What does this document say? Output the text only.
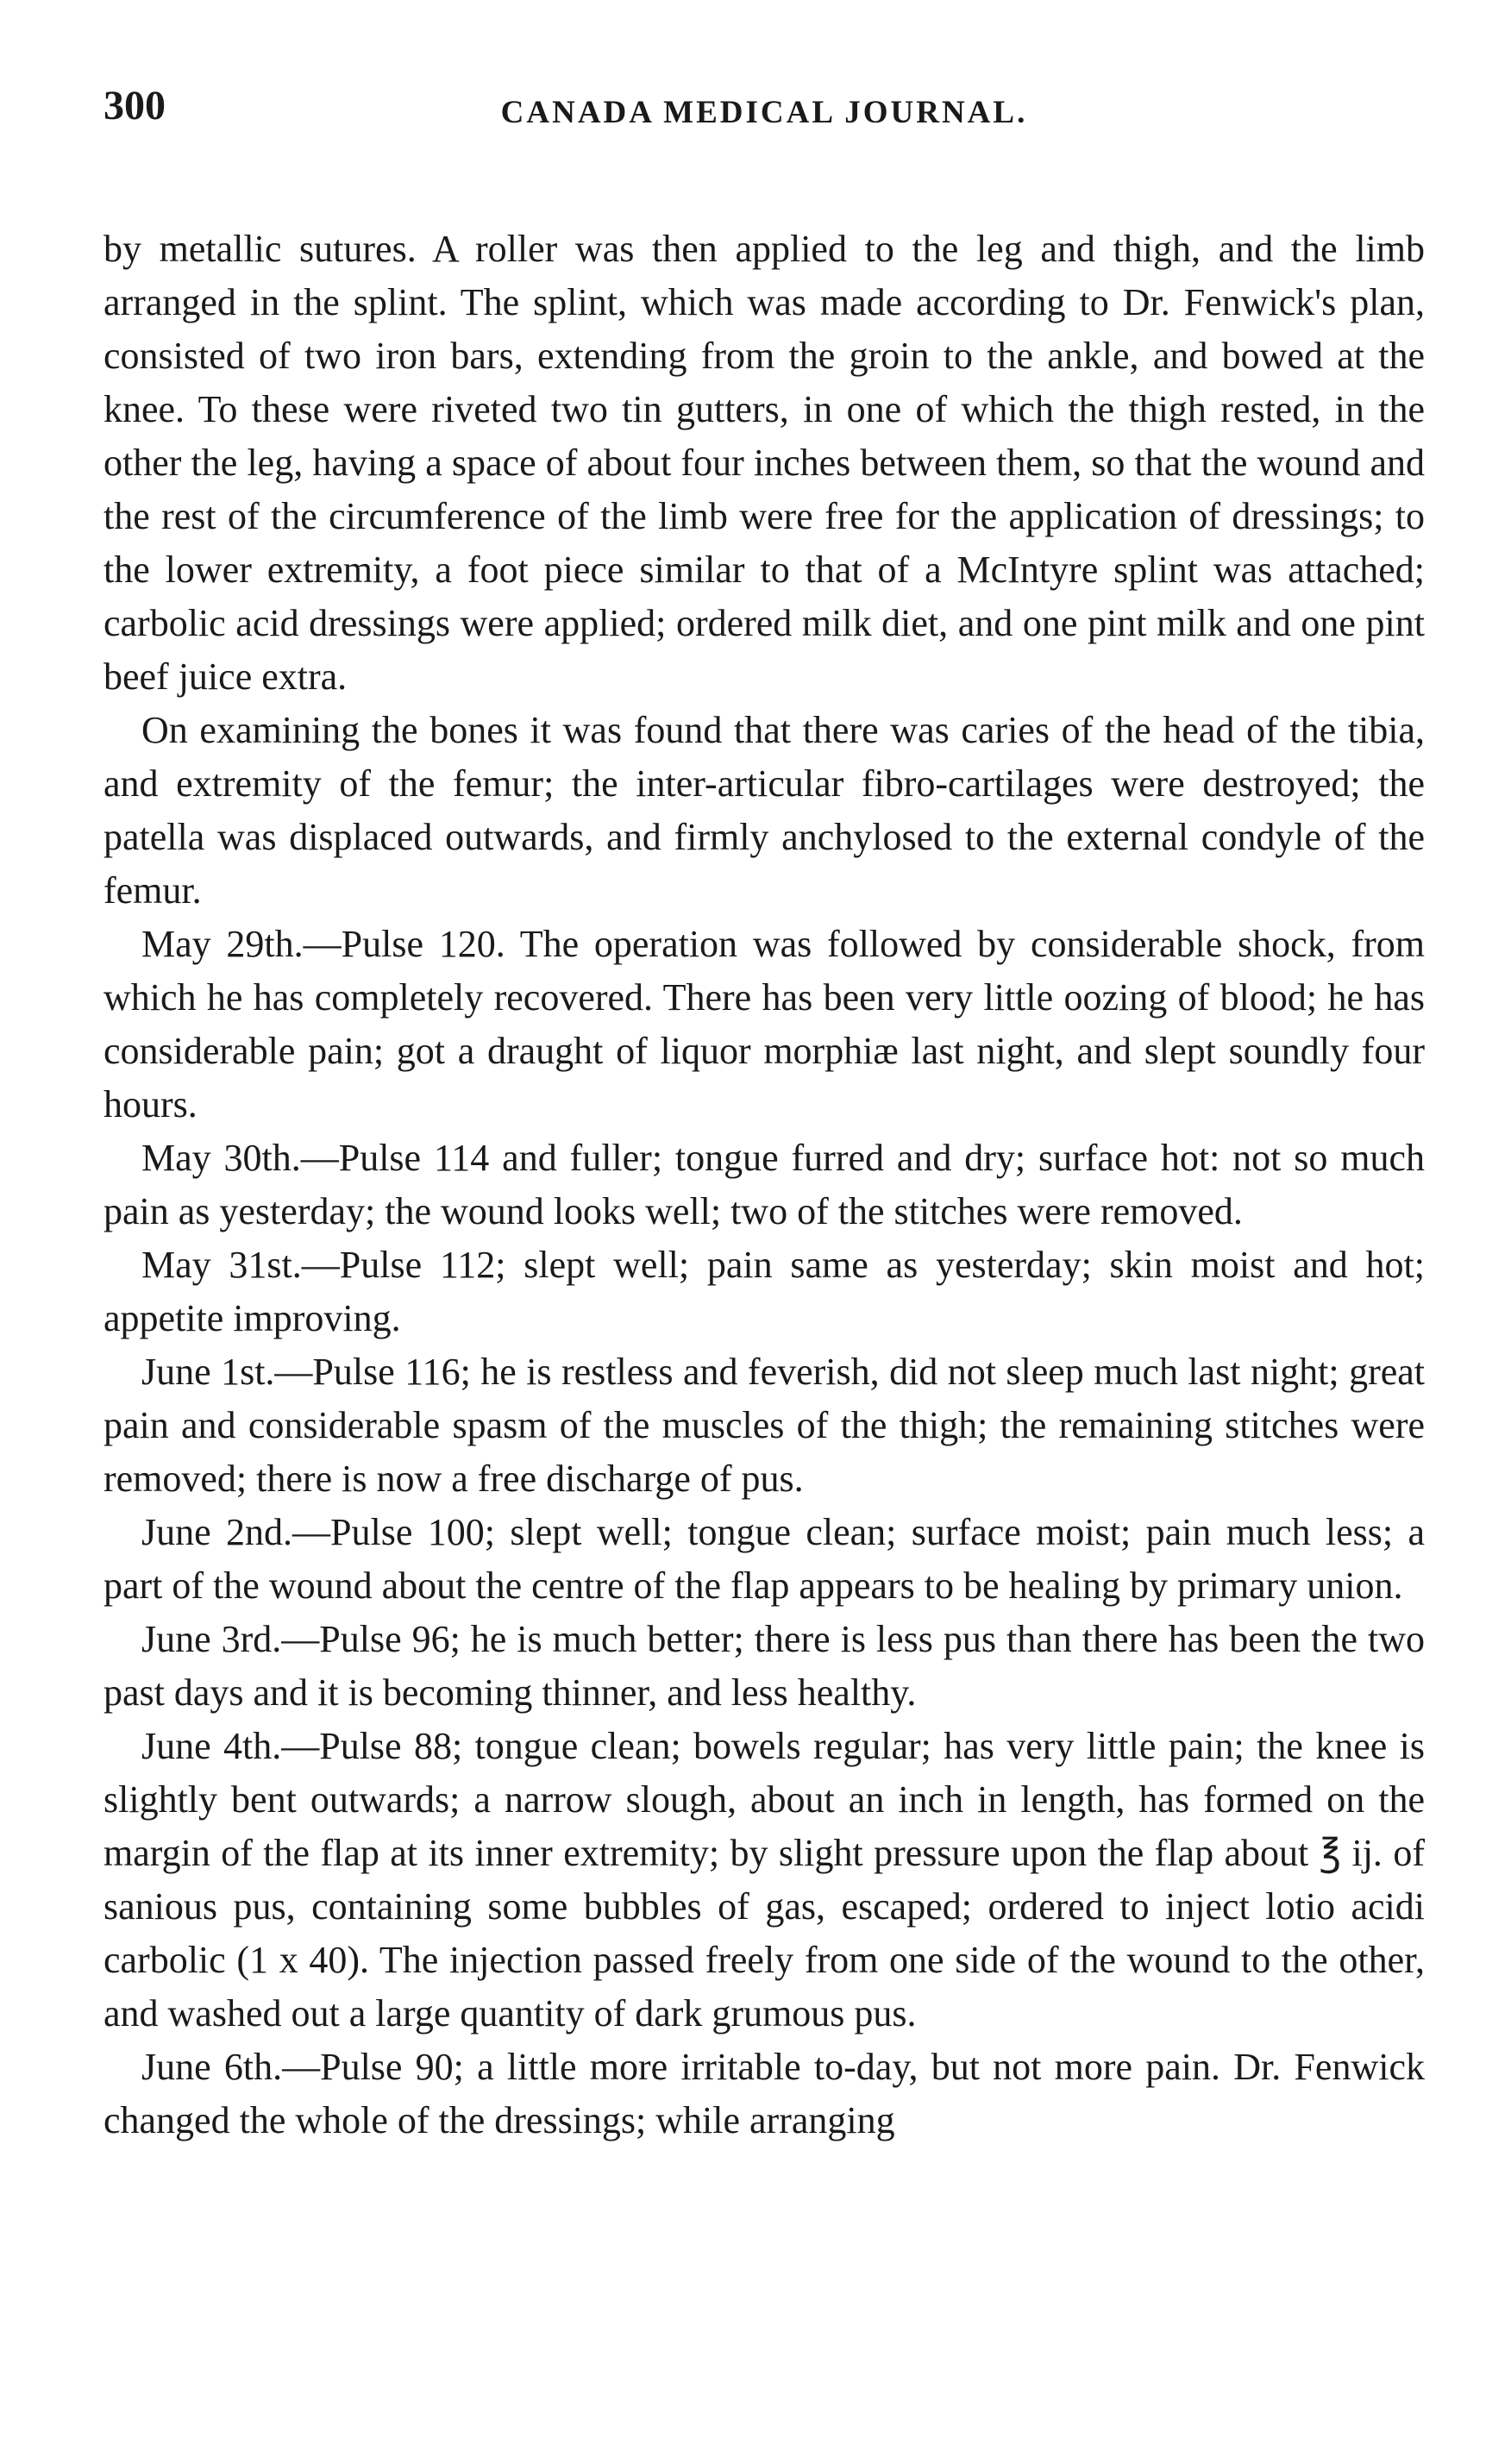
300	CANADA MEDICAL JOURNAL.

by metallic sutures. A roller was then applied to the leg and thigh, and the limb arranged in the splint. The splint, which was made according to Dr. Fenwick's plan, consisted of two iron bars, extending from the groin to the ankle, and bowed at the knee. To these were riveted two tin gutters, in one of which the thigh rested, in the other the leg, having a space of about four inches between them, so that the wound and the rest of the circumference of the limb were free for the application of dressings; to the lower extremity, a foot piece similar to that of a McIntyre splint was attached; carbolic acid dressings were applied; ordered milk diet, and one pint milk and one pint beef juice extra.

On examining the bones it was found that there was caries of the head of the tibia, and extremity of the femur; the inter-articular fibro-cartilages were destroyed; the patella was displaced outwards, and firmly anchylosed to the external condyle of the femur.

May 29th.—Pulse 120. The operation was followed by considerable shock, from which he has completely recovered. There has been very little oozing of blood; he has considerable pain; got a draught of liquor morphiæ last night, and slept soundly four hours.

May 30th.—Pulse 114 and fuller; tongue furred and dry; surface hot: not so much pain as yesterday; the wound looks well; two of the stitches were removed.

May 31st.—Pulse 112; slept well; pain same as yesterday; skin moist and hot; appetite improving.

June 1st.—Pulse 116; he is restless and feverish, did not sleep much last night; great pain and considerable spasm of the muscles of the thigh; the remaining stitches were removed; there is now a free discharge of pus.

June 2nd.—Pulse 100; slept well; tongue clean; surface moist; pain much less; a part of the wound about the centre of the flap appears to be healing by primary union.

June 3rd.—Pulse 96; he is much better; there is less pus than there has been the two past days and it is becoming thinner, and less healthy.

June 4th.—Pulse 88; tongue clean; bowels regular; has very little pain; the knee is slightly bent outwards; a narrow slough, about an inch in length, has formed on the margin of the flap at its inner extremity; by slight pressure upon the flap about ℥ ij. of sanious pus, containing some bubbles of gas, escaped; ordered to inject lotio acidi carbolic (1 x 40). The injection passed freely from one side of the wound to the other, and washed out a large quantity of dark grumous pus.

June 6th.—Pulse 90; a little more irritable to-day, but not more pain. Dr. Fenwick changed the whole of the dressings; while arranging
